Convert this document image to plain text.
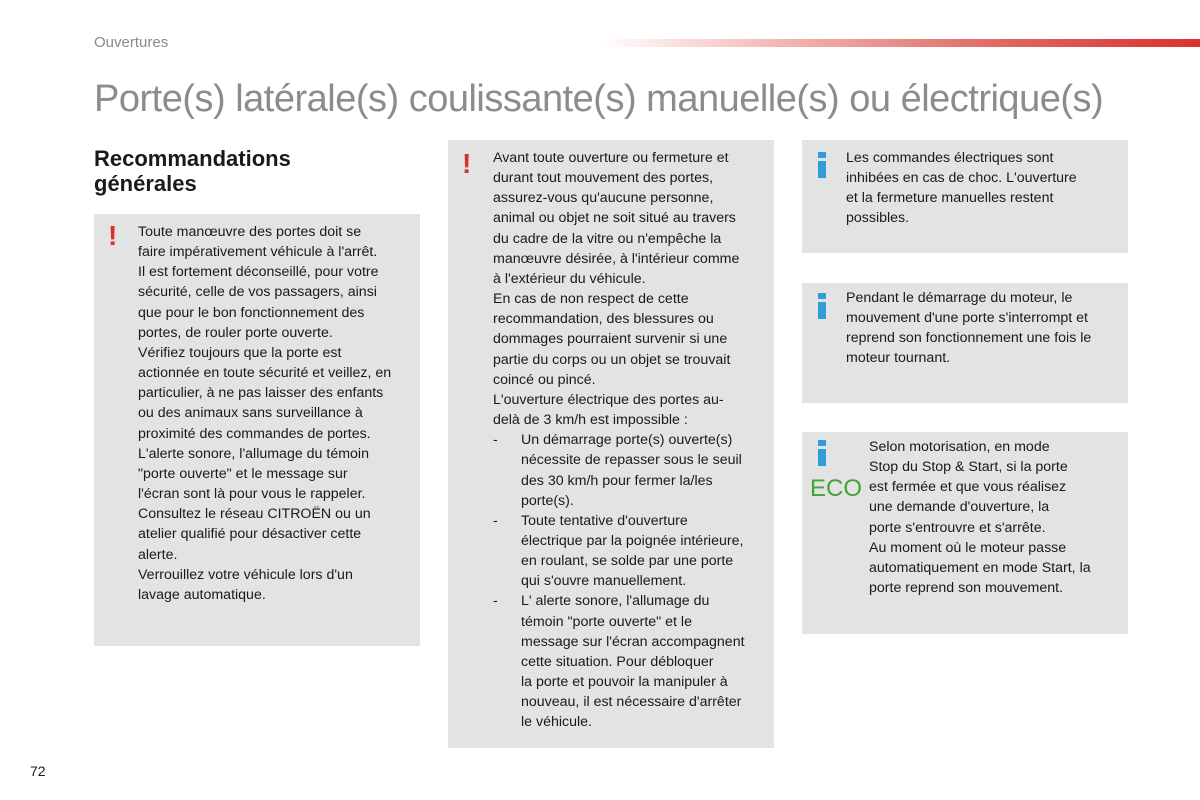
Ouvertures
Porte(s) latérale(s) coulissante(s) manuelle(s) ou électrique(s)
Recommandations
générales
! Toute manœuvre des portes doit se
faire impérativement véhicule à l'arrêt.
Il est fortement déconseillé, pour votre
sécurité, celle de vos passagers, ainsi
que pour le bon fonctionnement des
portes, de rouler porte ouverte.
Vérifiez toujours que la porte est
actionnée en toute sécurité et veillez, en
particulier, à ne pas laisser des enfants
ou des animaux sans surveillance à
proximité des commandes de portes.
L'alerte sonore, l'allumage du témoin
"porte ouverte" et le message sur
l'écran sont là pour vous le rappeler.
Consultez le réseau CITROËN ou un
atelier qualifié pour désactiver cette
alerte.
Verrouillez votre véhicule lors d'un
lavage automatique.
! Avant toute ouverture ou fermeture et
durant tout mouvement des portes,
assurez-vous qu'aucune personne,
animal ou objet ne soit situé au travers
du cadre de la vitre ou n'empêche la
manœuvre désirée, à l'intérieur comme
à l'extérieur du véhicule.
En cas de non respect de cette
recommandation, des blessures ou
dommages pourraient survenir si une
partie du corps ou un objet se trouvait
coincé ou pincé.
L'ouverture électrique des portes au-
delà de 3 km/h est impossible :
- Un démarrage porte(s) ouverte(s)
nécessite de repasser sous le seuil
des 30 km/h pour fermer la/les
porte(s).
- Toute tentative d'ouverture
électrique par la poignée intérieure,
en roulant, se solde par une porte
qui s'ouvre manuellement.
- L' alerte sonore, l'allumage du
témoin "porte ouverte" et le
message sur l'écran accompagnent
cette situation. Pour débloquer
la porte et pouvoir la manipuler à
nouveau, il est nécessaire d'arrêter
le véhicule.
Les commandes électriques sont
inhibées en cas de choc. L'ouverture
et la fermeture manuelles restent
possibles.
Pendant le démarrage du moteur, le
mouvement d'une porte s'interrompt et
reprend son fonctionnement une fois le
moteur tournant.
ECO
Selon motorisation, en mode
Stop du Stop & Start, si la porte
est fermée et que vous réalisez
une demande d'ouverture, la
porte s'entrouvre et s'arrête.
Au moment où le moteur passe
automatiquement en mode Start, la
porte reprend son mouvement.
72
